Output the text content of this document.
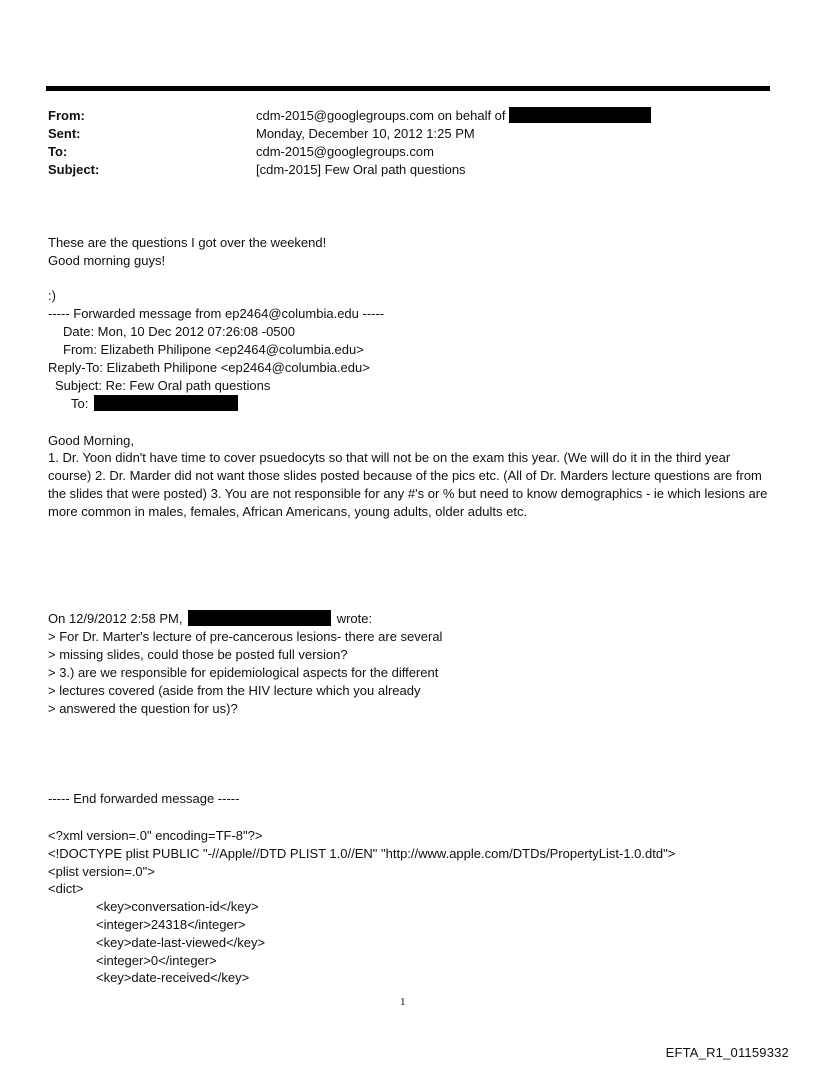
From:	cdm-2015@googlegroups.com on behalf of
Sent:	Monday, December 10, 2012 1:25 PM
To:	cdm-2015@googlegroups.com
Subject:	[cdm-2015] Few Oral path questions
These are the questions I got over the weekend!
Good morning guys!
:)
----- Forwarded message from ep2464@columbia.edu -----
Date: Mon, 10 Dec 2012 07:26:08 -0500
From: Elizabeth Philipone <ep2464@columbia.edu>
Reply-To: Elizabeth Philipone <ep2464@columbia.edu>
Subject: Re: Few Oral path questions
To:
Good Morning,
1. Dr. Yoon didn't have time to cover psuedocyts so that will not be on the exam this year. (We will do it in the third year course) 2. Dr. Marder did not want those slides posted because of the pics etc. (All of Dr. Marders lecture questions are from the slides that were posted) 3. You are not responsible for any #'s or % but need to know demographics - ie which lesions are more common in males, females, African Americans, young adults, older adults etc.
On 12/9/2012 2:58 PM,	wrote:
> For Dr. Marter's lecture of pre-cancerous lesions- there are several
> missing slides, could those be posted full version?
> 3.) are we responsible for epidemiological aspects for the different
> lectures covered (aside from the HIV lecture which you already
> answered the question for us)?
----- End forwarded message -----
<?xml version=.0" encoding=TF-8"?>
<!DOCTYPE plist PUBLIC "-//Apple//DTD PLIST 1.0//EN" "http://www.apple.com/DTDs/PropertyList-1.0.dtd">
<plist version=.0">
<dict>
<key>conversation-id</key>
<integer>24318</integer>
<key>date-last-viewed</key>
<integer>0</integer>
<key>date-received</key>
1
EFTA_R1_01159332
